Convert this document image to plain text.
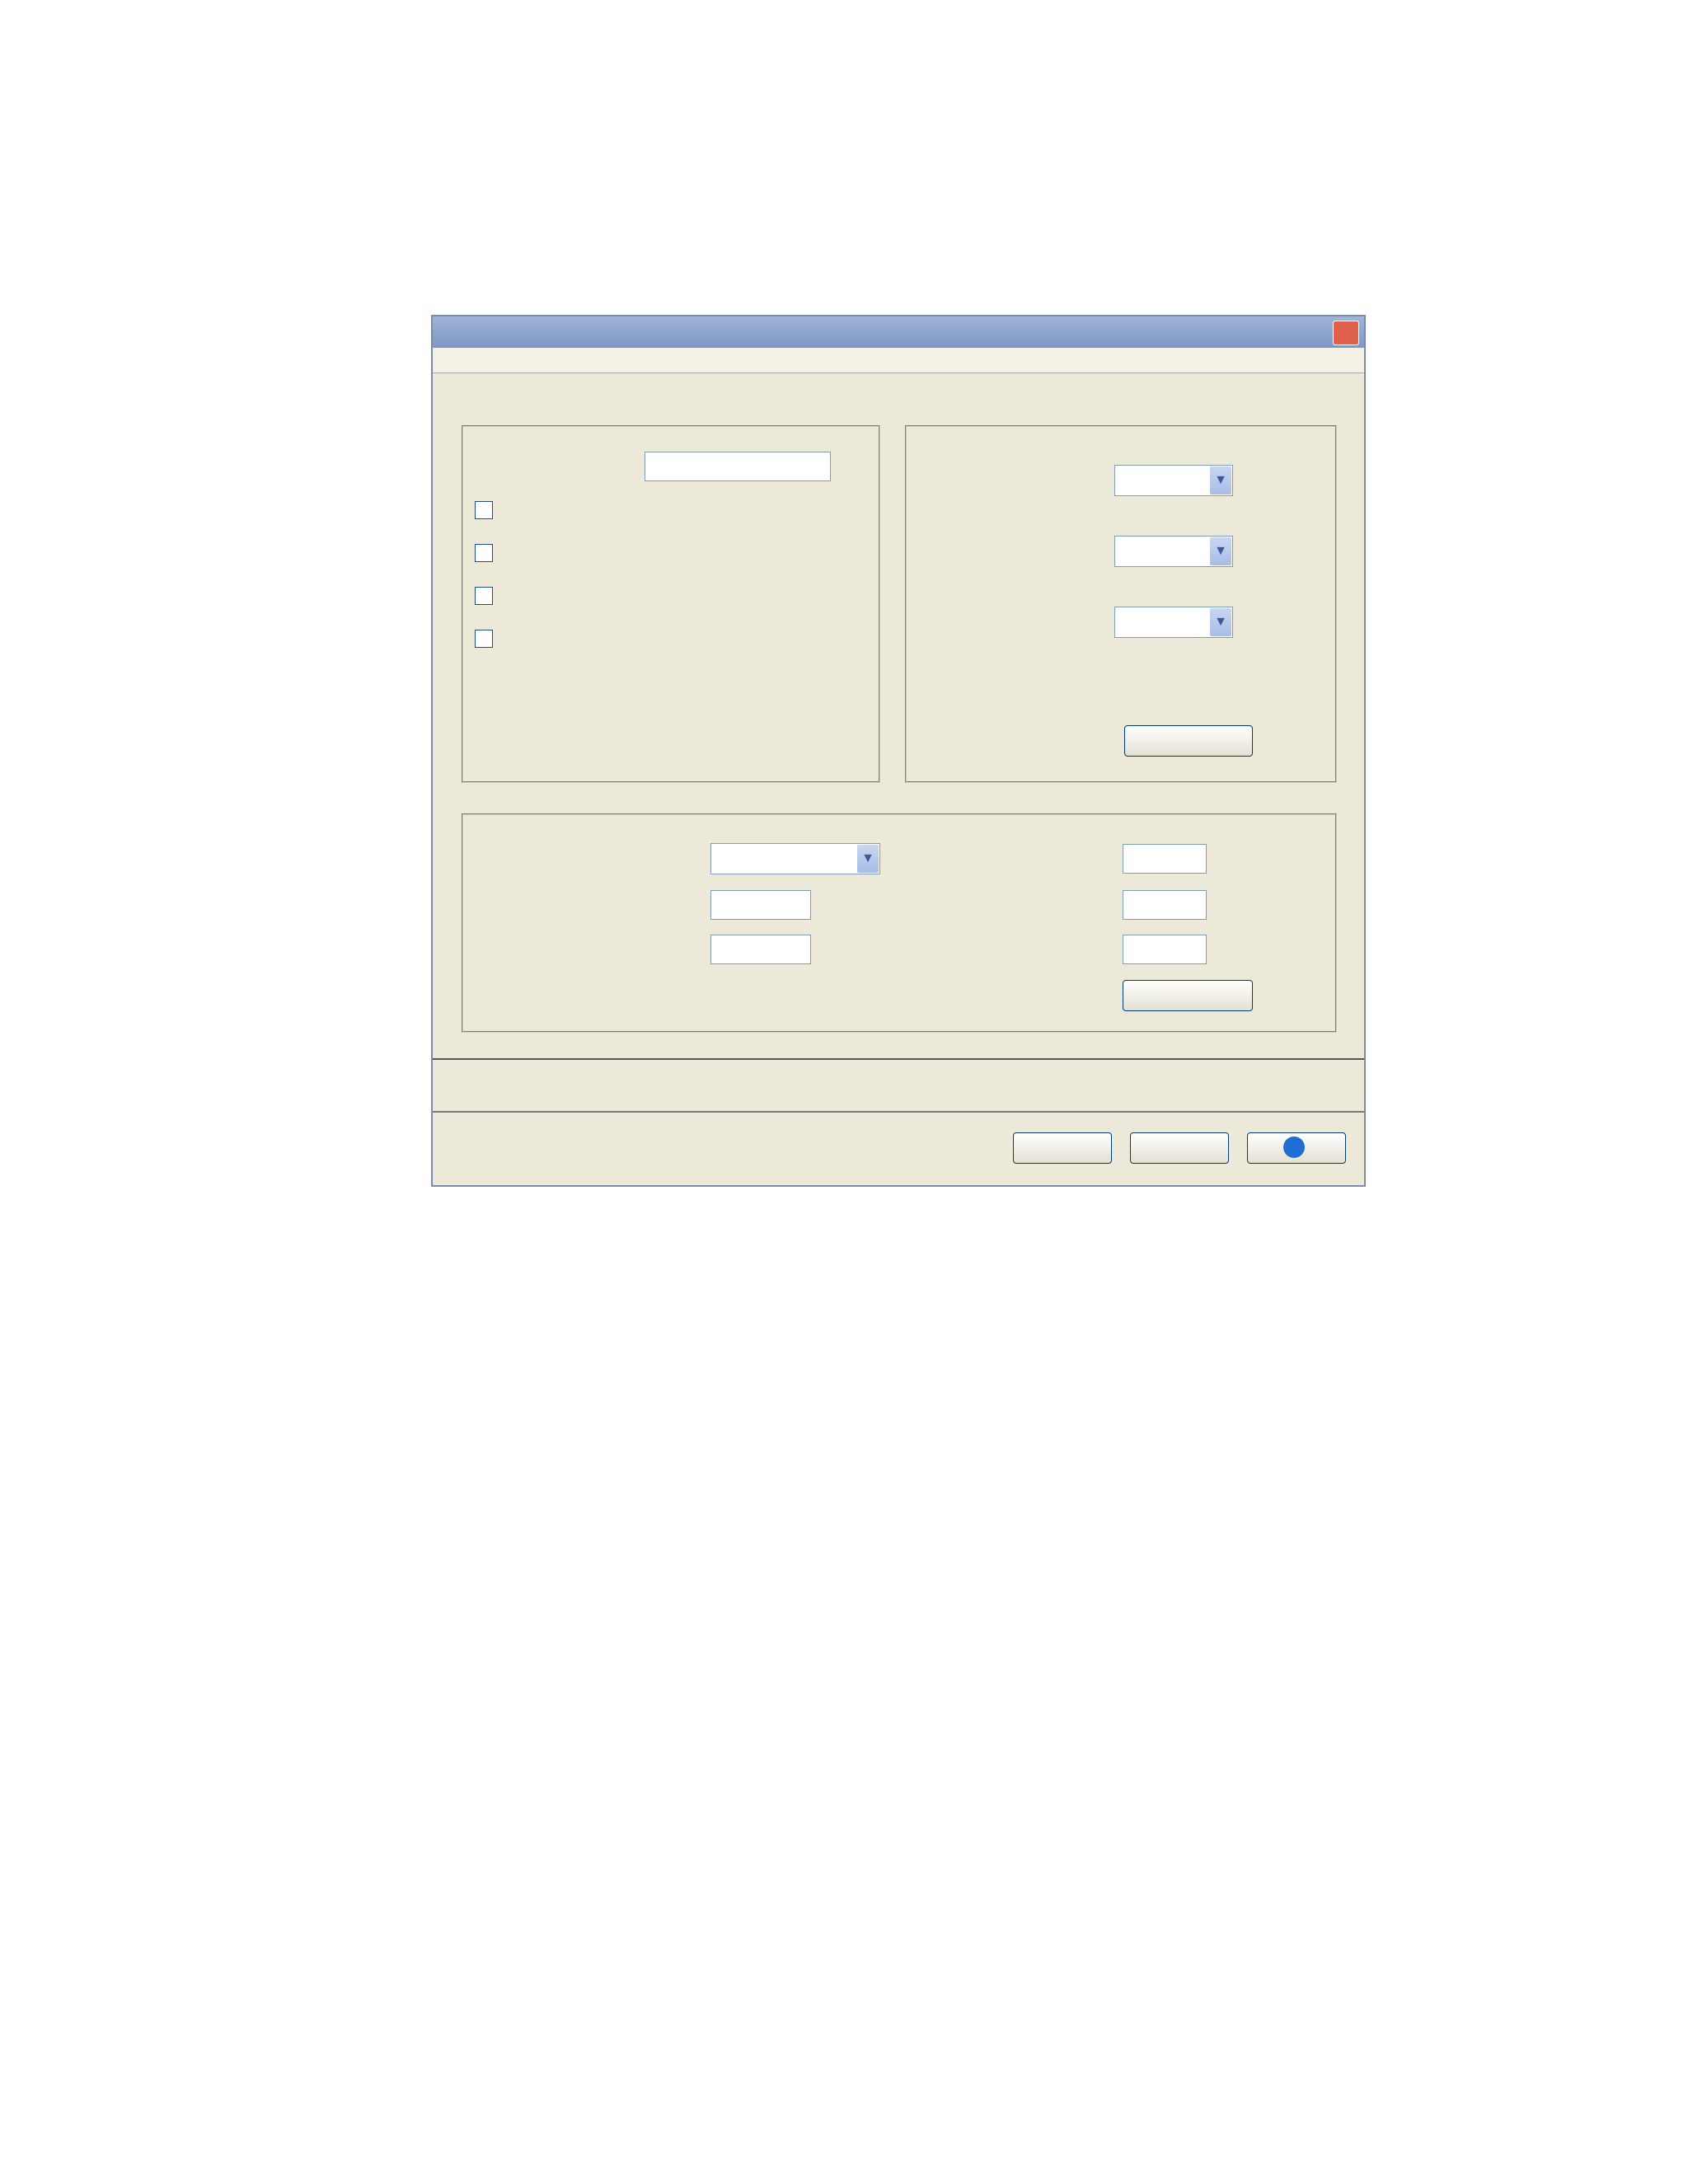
▼
▼
▼
▼
